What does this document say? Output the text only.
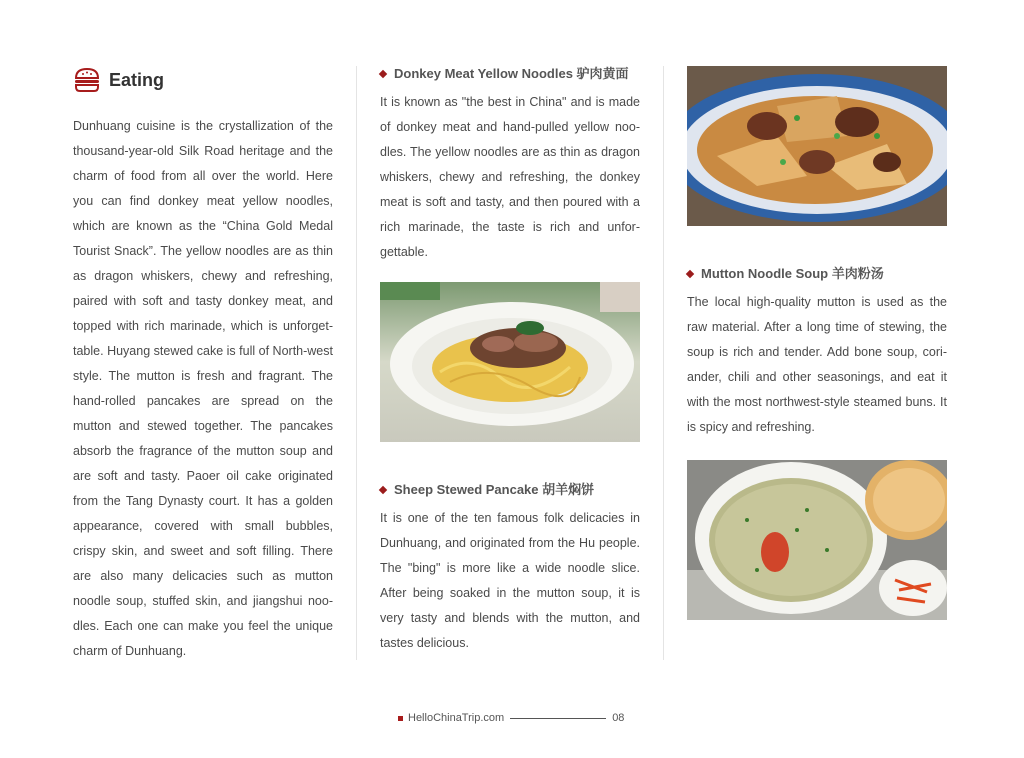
Eating

Dunhuang cuisine is the crystallization of the thousand-year-old Silk Road heritage and the charm of food from all over the world. Here you can find donkey meat yellow noodles, which are known as the “China Gold Medal Tourist Snack”. The yellow noodles are as thin as dragon whiskers, chewy and refreshing, paired with soft and tasty donkey meat, and topped with rich marinade, which is unforget-table. Huyang stewed cake is full of North-west style. The mutton is fresh and fragrant. The hand-rolled pancakes are spread on the mutton and stewed together. The pancakes absorb the fragrance of the mutton soup and are soft and tasty. Paoer oil cake originated from the Tang Dynasty court. It has a golden appearance, covered with small bubbles, crispy skin, and sweet and soft filling. There are also many delicacies such as mutton noodle soup, stuffed skin, and jiangshui noo-dles. Each one can make you feel the unique charm of Dunhuang.

Donkey Meat Yellow Noodles 驴肉黄面

It is known as "the best in China" and is made of donkey meat and hand-pulled yellow noo-dles. The yellow noodles are as thin as dragon whiskers, chewy and refreshing, the donkey meat is soft and tasty, and then poured with a rich marinade, the taste is rich and unfor-gettable.

Sheep Stewed Pancake 胡羊焖饼

It is one of the ten famous folk delicacies in Dunhuang, and originated from the Hu people. The "bing" is more like a wide noodle slice. After being soaked in the mutton soup, it is very tasty and blends with the mutton, and tastes delicious.

Mutton Noodle Soup 羊肉粉汤

The local high-quality mutton is used as the raw material. After a long time of stewing, the soup is rich and tender. Add bone soup, cori-ander, chili and other seasonings, and eat it with the most northwest-style steamed buns. It is spicy and refreshing.

HelloChinaTrip.com	08
